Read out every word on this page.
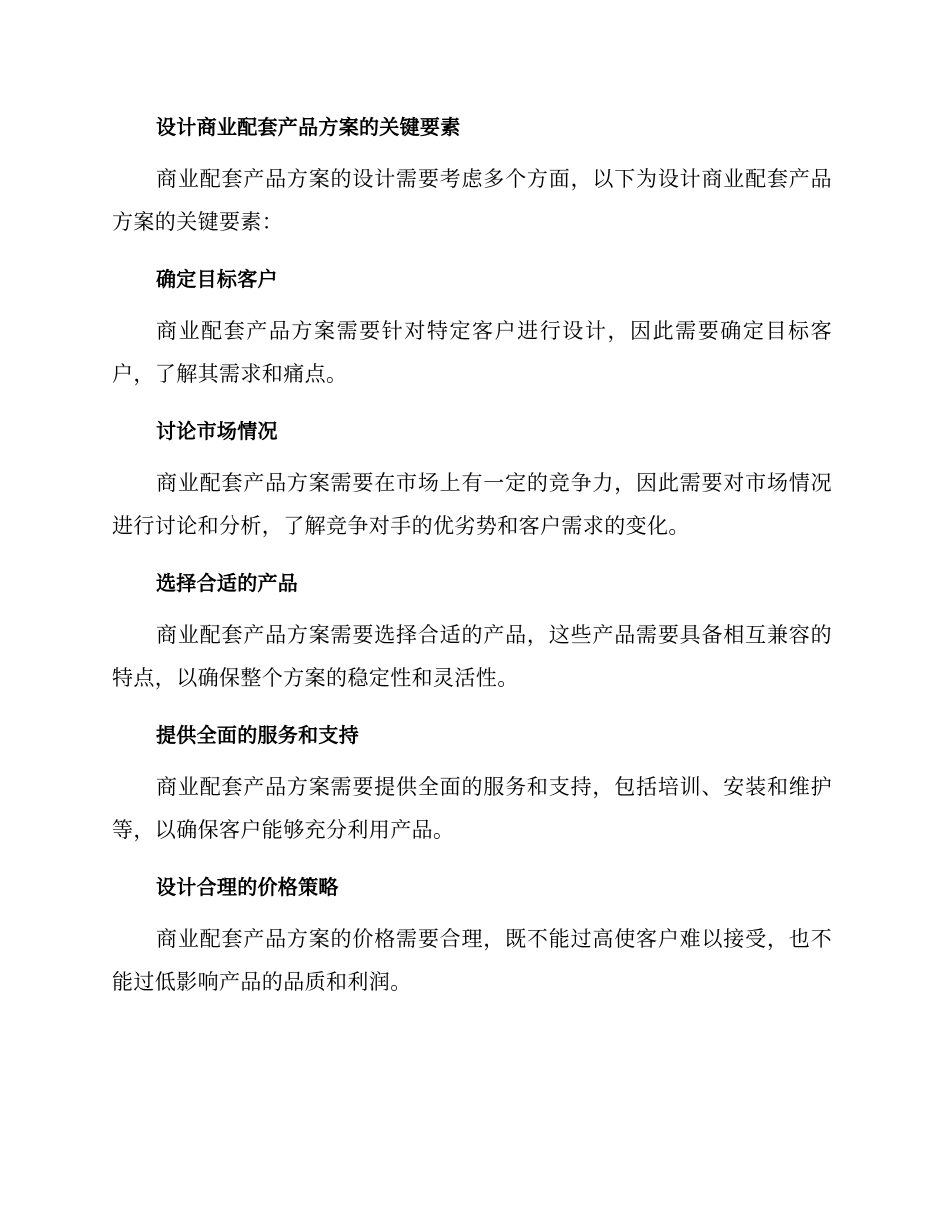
设计商业配套产品方案的关键要素

商业配套产品方案的设计需要考虑多个方面，以下为设计商业配套产品方案的关键要素：

确定目标客户

商业配套产品方案需要针对特定客户进行设计，因此需要确定目标客户，了解其需求和痛点。

讨论市场情况

商业配套产品方案需要在市场上有一定的竞争力，因此需要对市场情况进行讨论和分析，了解竞争对手的优劣势和客户需求的变化。

选择合适的产品

商业配套产品方案需要选择合适的产品，这些产品需要具备相互兼容的特点，以确保整个方案的稳定性和灵活性。

提供全面的服务和支持

商业配套产品方案需要提供全面的服务和支持，包括培训、安装和维护等，以确保客户能够充分利用产品。

设计合理的价格策略

商业配套产品方案的价格需要合理，既不能过高使客户难以接受，也不能过低影响产品的品质和利润。
